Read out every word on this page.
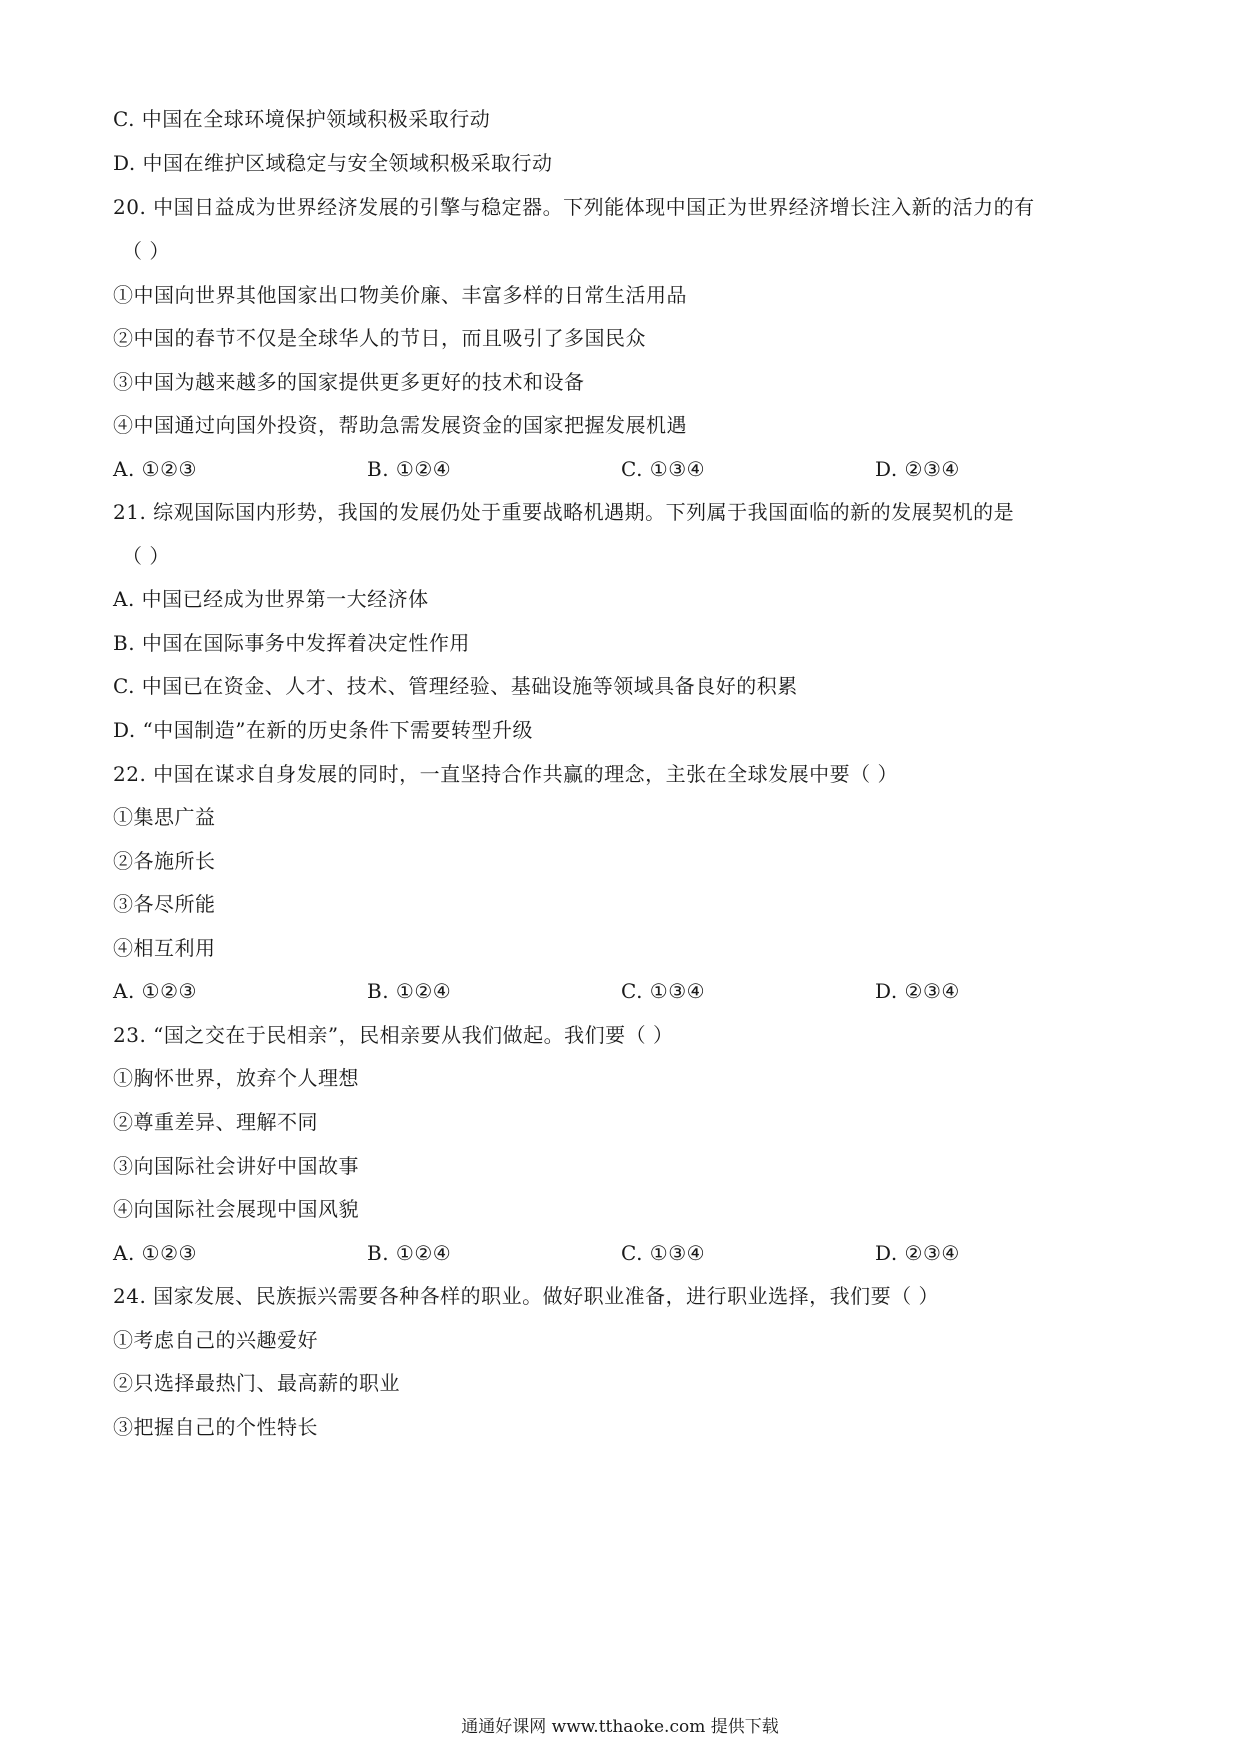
C. 中国在全球环境保护领域积极采取行动
D. 中国在维护区域稳定与安全领域积极采取行动
20. 中国日益成为世界经济发展的引擎与稳定器。下列能体现中国正为世界经济增长注入新的活力的有
（ ）
①中国向世界其他国家出口物美价廉、丰富多样的日常生活用品
②中国的春节不仅是全球华人的节日，而且吸引了多国民众
③中国为越来越多的国家提供更多更好的技术和设备
④中国通过向国外投资，帮助急需发展资金的国家把握发展机遇
A. ①②③	B. ①②④	C. ①③④	D. ②③④
21. 综观国际国内形势，我国的发展仍处于重要战略机遇期。下列属于我国面临的新的发展契机的是
（ ）
A. 中国已经成为世界第一大经济体
B. 中国在国际事务中发挥着决定性作用
C. 中国已在资金、人才、技术、管理经验、基础设施等领域具备良好的积累
D. “中国制造”在新的历史条件下需要转型升级
22. 中国在谋求自身发展的同时，一直坚持合作共赢的理念，主张在全球发展中要（ ）
①集思广益
②各施所长
③各尽所能
④相互利用
A. ①②③	B. ①②④	C. ①③④	D. ②③④
23. “国之交在于民相亲”，民相亲要从我们做起。我们要（ ）
①胸怀世界，放弃个人理想
②尊重差异、理解不同
③向国际社会讲好中国故事
④向国际社会展现中国风貌
A. ①②③	B. ①②④	C. ①③④	D. ②③④
24. 国家发展、民族振兴需要各种各样的职业。做好职业准备，进行职业选择，我们要（ ）
①考虑自己的兴趣爱好
②只选择最热门、最高薪的职业
③把握自己的个性特长
通通好课网 www.tthaoke.com 提供下载
